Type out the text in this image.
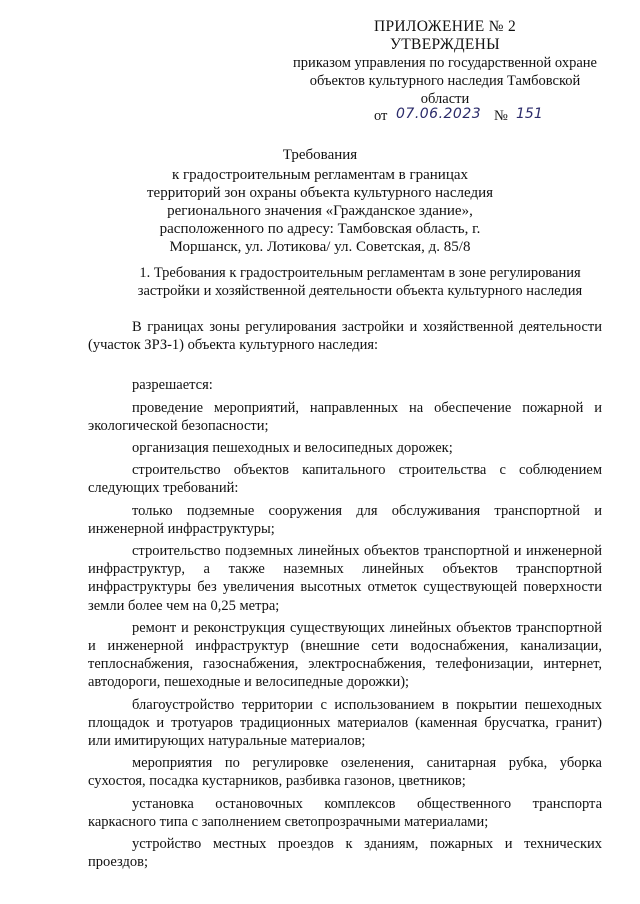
ПРИЛОЖЕНИЕ № 2
УТВЕРЖДЕНЫ
приказом управления по государственной охране
объектов культурного наследия Тамбовской
области
от 07.06.2023 № 151
Требования
к градостроительным регламентам в границах территорий зон охраны объекта культурного наследия регионального значения «Гражданское здание», расположенного по адресу: Тамбовская область, г. Моршанск, ул. Лотикова/ ул. Советская, д. 85/8
1. Требования к градостроительным регламентам в зоне регулирования застройки и хозяйственной деятельности объекта культурного наследия

В границах зоны регулирования застройки и хозяйственной деятельности (участок ЗРЗ-1) объекта культурного наследия:

разрешается:

проведение мероприятий, направленных на обеспечение пожарной и экологической безопасности;

организация пешеходных и велосипедных дорожек;

строительство объектов капитального строительства с соблюдением следующих требований:

только подземные сооружения для обслуживания транспортной и инженерной инфраструктуры;

строительство подземных линейных объектов транспортной и инженерной инфраструктур, а также наземных линейных объектов транспортной инфраструктуры без увеличения высотных отметок существующей поверхности земли более чем на 0,25 метра;

ремонт и реконструкция существующих линейных объектов транспортной и инженерной инфраструктур (внешние сети водоснабжения, канализации, теплоснабжения, газоснабжения, электроснабжения, телефонизации, интернет, автодороги, пешеходные и велосипедные дорожки);

благоустройство территории с использованием в покрытии пешеходных площадок и тротуаров традиционных материалов (каменная брусчатка, гранит) или имитирующих натуральные материалов;

мероприятия по регулировке озеленения, санитарная рубка, уборка сухостоя, посадка кустарников, разбивка газонов, цветников;

установка остановочных комплексов общественного транспорта каркасного типа с заполнением светопрозрачными материалами;

устройство местных проездов к зданиям, пожарных и технических проездов;
